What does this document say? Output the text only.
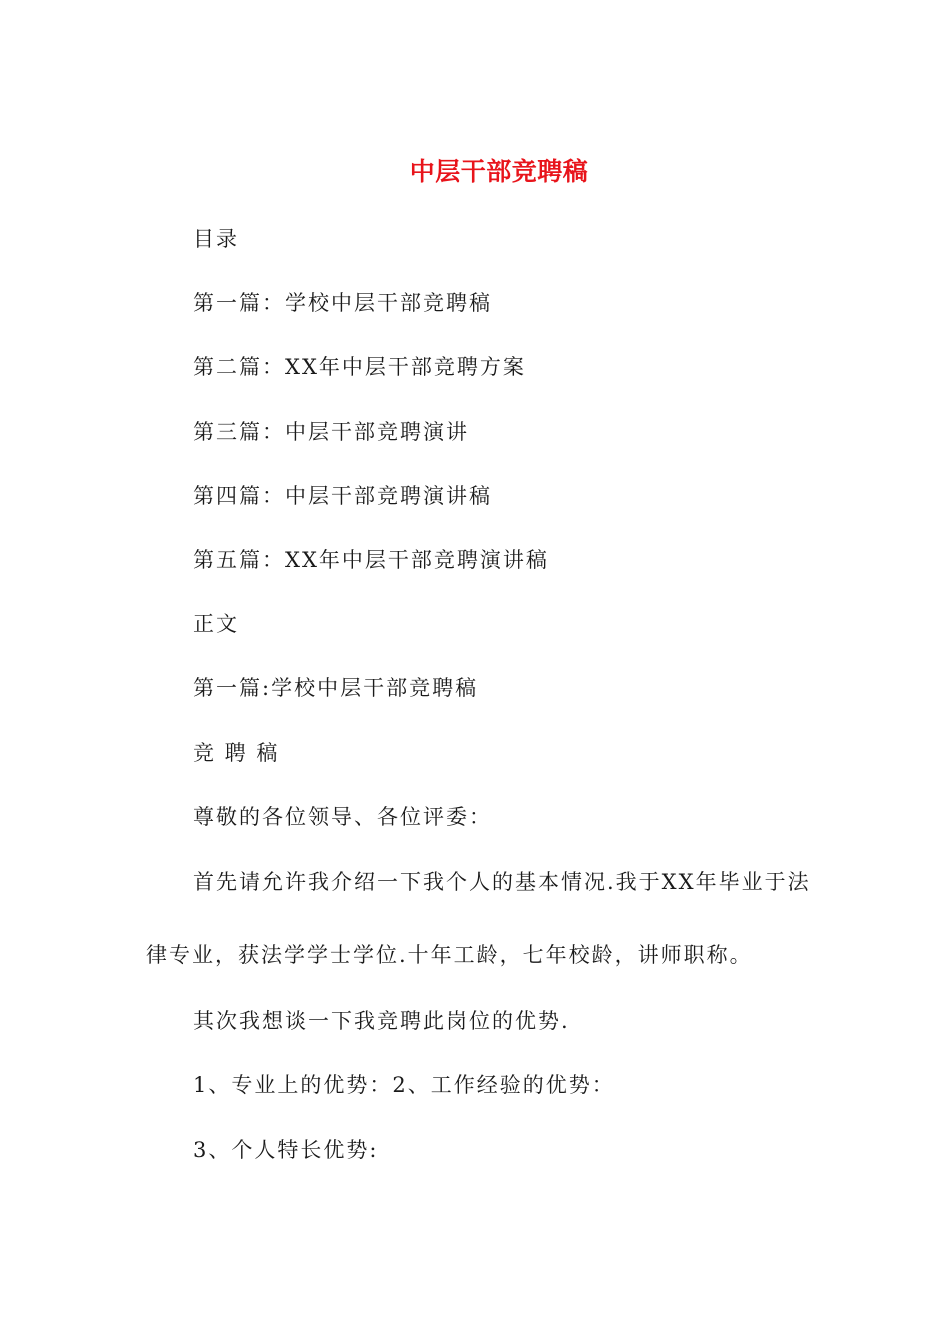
中层干部竞聘稿
目录
第一篇：学校中层干部竞聘稿
第二篇：XX年中层干部竞聘方案
第三篇：中层干部竞聘演讲
第四篇：中层干部竞聘演讲稿
第五篇：XX年中层干部竞聘演讲稿
正文
第一篇:学校中层干部竞聘稿
竞 聘 稿
尊敬的各位领导、各位评委：
首先请允许我介绍一下我个人的基本情况.我于XX年毕业于法
律专业，获法学学士学位.十年工龄，七年校龄，讲师职称。
其次我想谈一下我竞聘此岗位的优势.
1、专业上的优势：2、工作经验的优势：
3、个人特长优势:
